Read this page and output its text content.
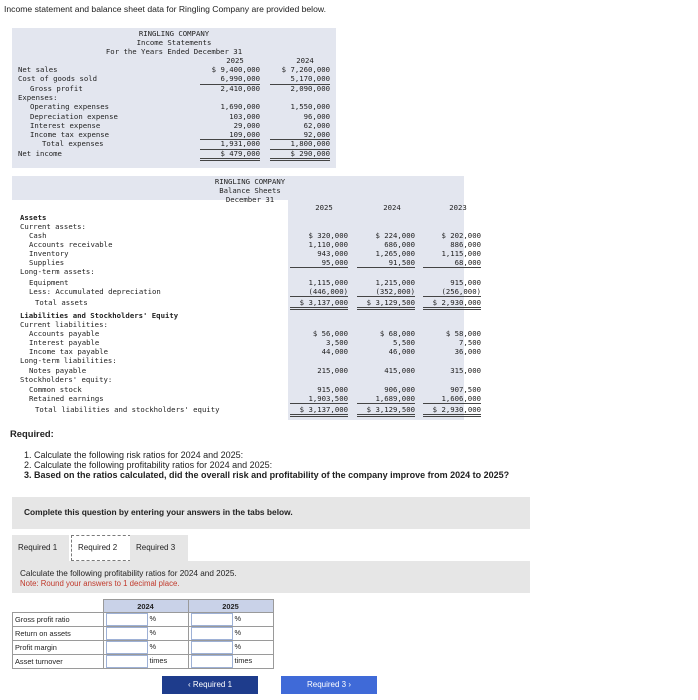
Income statement and balance sheet data for Ringling Company are provided below.
RINGLING COMPANY
Income Statements
For the Years Ended December 31
2025	2024
Net sales	$ 9,400,000	$ 7,260,000
Cost of goods sold	6,990,000	5,170,000
Gross profit	2,410,000	2,090,000
Expenses:
Operating expenses	1,690,000	1,550,000
Depreciation expense	103,000	96,000
Interest expense	29,000	62,000
Income tax expense	109,000	92,000
Total expenses	1,931,000	1,800,000
Net income	$ 479,000	$ 290,000
RINGLING COMPANY
Balance Sheets
December 31
2025	2024	2023
Assets
Current assets:
Cash	$ 320,000	$ 224,000	$ 202,000
Accounts receivable	1,110,000	686,000	886,000
Inventory	943,000	1,265,000	1,115,000
Supplies	95,000	91,500	68,000
Long-term assets:
Equipment	1,115,000	1,215,000	915,000
Less: Accumulated depreciation	(446,000)	(352,000)	(256,000)
Total assets	$ 3,137,000	$ 3,129,500	$ 2,930,000
Liabilities and Stockholders' Equity
Current liabilities:
Accounts payable	$ 56,000	$ 68,000	$ 58,000
Interest payable	3,500	5,500	7,500
Income tax payable	44,000	46,000	36,000
Long-term liabilities:
Notes payable	215,000	415,000	315,000
Stockholders' equity:
Common stock	915,000	906,000	907,500
Retained earnings	1,903,500	1,689,000	1,606,000
Total liabilities and stockholders' equity	$ 3,137,000	$ 3,129,500	$ 2,930,000
Required:
1. Calculate the following risk ratios for 2024 and 2025:
2. Calculate the following profitability ratios for 2024 and 2025:
3. Based on the ratios calculated, did the overall risk and profitability of the company improve from 2024 to 2025?
Complete this question by entering your answers in the tabs below.
Required 1	Required 2	Required 3
Calculate the following profitability ratios for 2024 and 2025.
Note: Round your answers to 1 decimal place.
	2024	2025
Gross profit ratio	%	%
Return on assets	%	%
Profit margin	%	%
Asset turnover	times	times
‹ Required 1	Required 3 ›
